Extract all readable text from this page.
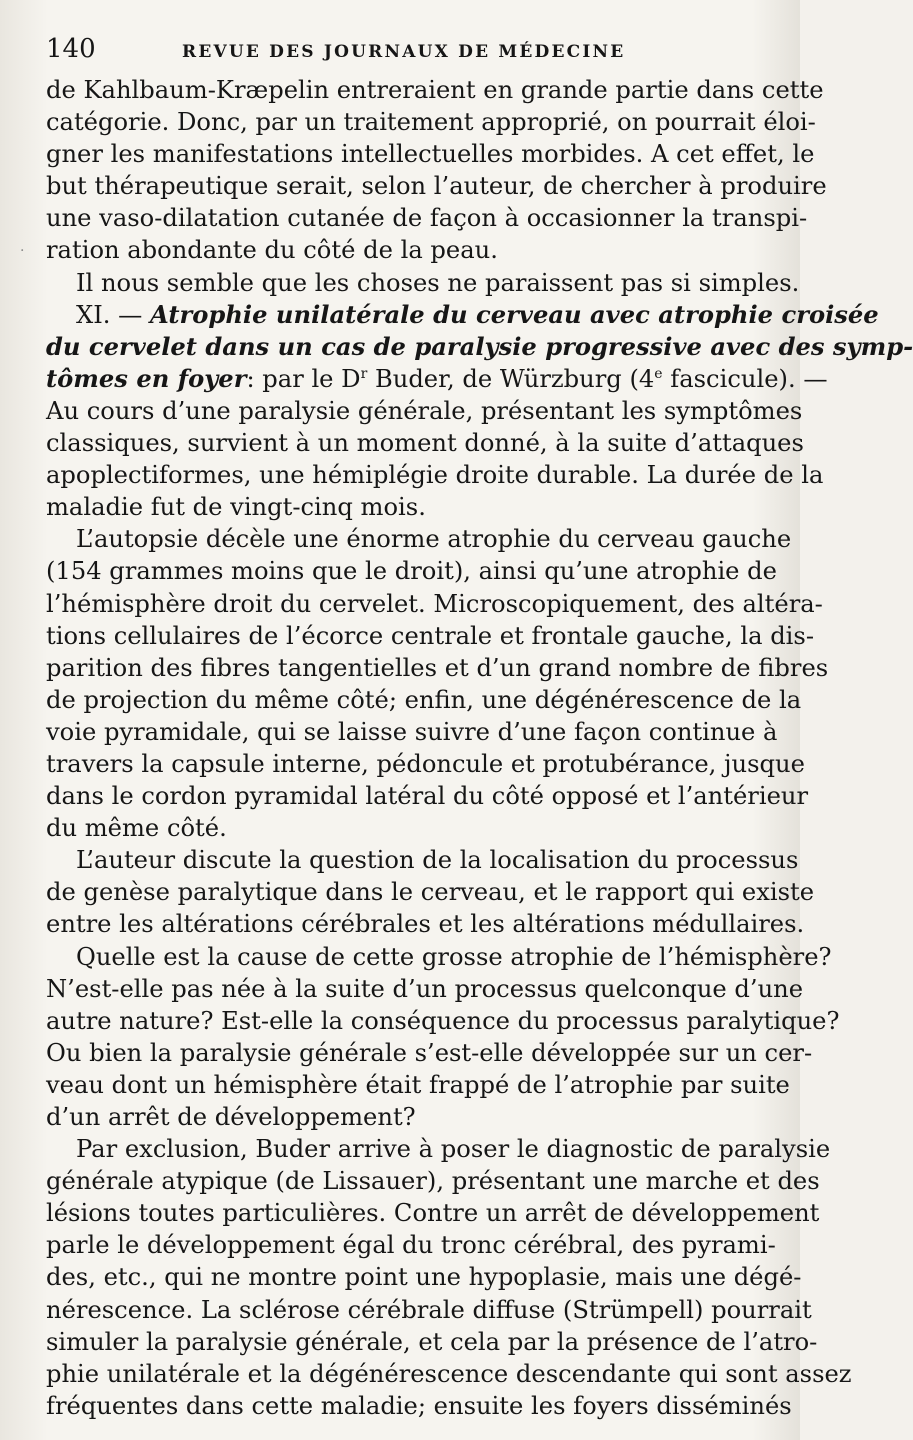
·
140	REVUE DES JOURNAUX DE MÉDECINE
de Kahlbaum-Kræpelin entreraient en grande partie dans cette
catégorie. Donc, par un traitement approprié, on pourrait éloi-
gner les manifestations intellectuelles morbides. A cet effet, le
but thérapeutique serait, selon l’auteur, de chercher à produire
une vaso-dilatation cutanée de façon à occasionner la transpi-
ration abondante du côté de la peau.
Il nous semble que les choses ne paraissent pas si simples.
XI. — Atrophie unilatérale du cerveau avec atrophie croisée
du cervelet dans un cas de paralysie progressive avec des symp-
tômes en foyer: par le $D^r$ Buder, de Würzburg (4e fascicule). —
Au cours d’une paralysie générale, présentant les symptômes
classiques, survient à un moment donné, à la suite d’attaques
apoplectiformes, une hémiplégie droite durable. La durée de la
maladie fut de vingt-cinq mois.
L’autopsie décèle une énorme atrophie du cerveau gauche
(154 grammes moins que le droit), ainsi qu’une atrophie de
l’hémisphère droit du cervelet. Microscopiquement, des altéra-
tions cellulaires de l’écorce centrale et frontale gauche, la dis-
parition des fibres tangentielles et d’un grand nombre de fibres
de projection du même côté; enfin, une dégénérescence de la
voie pyramidale, qui se laisse suivre d’une façon continue à
travers la capsule interne, pédoncule et protubérance, jusque
dans le cordon pyramidal latéral du côté opposé et l’antérieur
du même côté.
L’auteur discute la question de la localisation du processus
de genèse paralytique dans le cerveau, et le rapport qui existe
entre les altérations cérébrales et les altérations médullaires.
Quelle est la cause de cette grosse atrophie de l’hémisphère?
N’est-elle pas née à la suite d’un processus quelconque d’une
autre nature? Est-elle la conséquence du processus paralytique?
Ou bien la paralysie générale s’est-elle développée sur un cer-
veau dont un hémisphère était frappé de l’atrophie par suite
d’un arrêt de développement?
Par exclusion, Buder arrive à poser le diagnostic de paralysie
générale atypique (de Lissauer), présentant une marche et des
lésions toutes particulières. Contre un arrêt de développement
parle le développement égal du tronc cérébral, des pyrami-
des, etc., qui ne montre point une hypoplasie, mais une dégé-
nérescence. La sclérose cérébrale diffuse (Strümpell) pourrait
simuler la paralysie générale, et cela par la présence de l’atro-
phie unilatérale et la dégénérescence descendante qui sont assez
fréquentes dans cette maladie; ensuite les foyers disséminés
